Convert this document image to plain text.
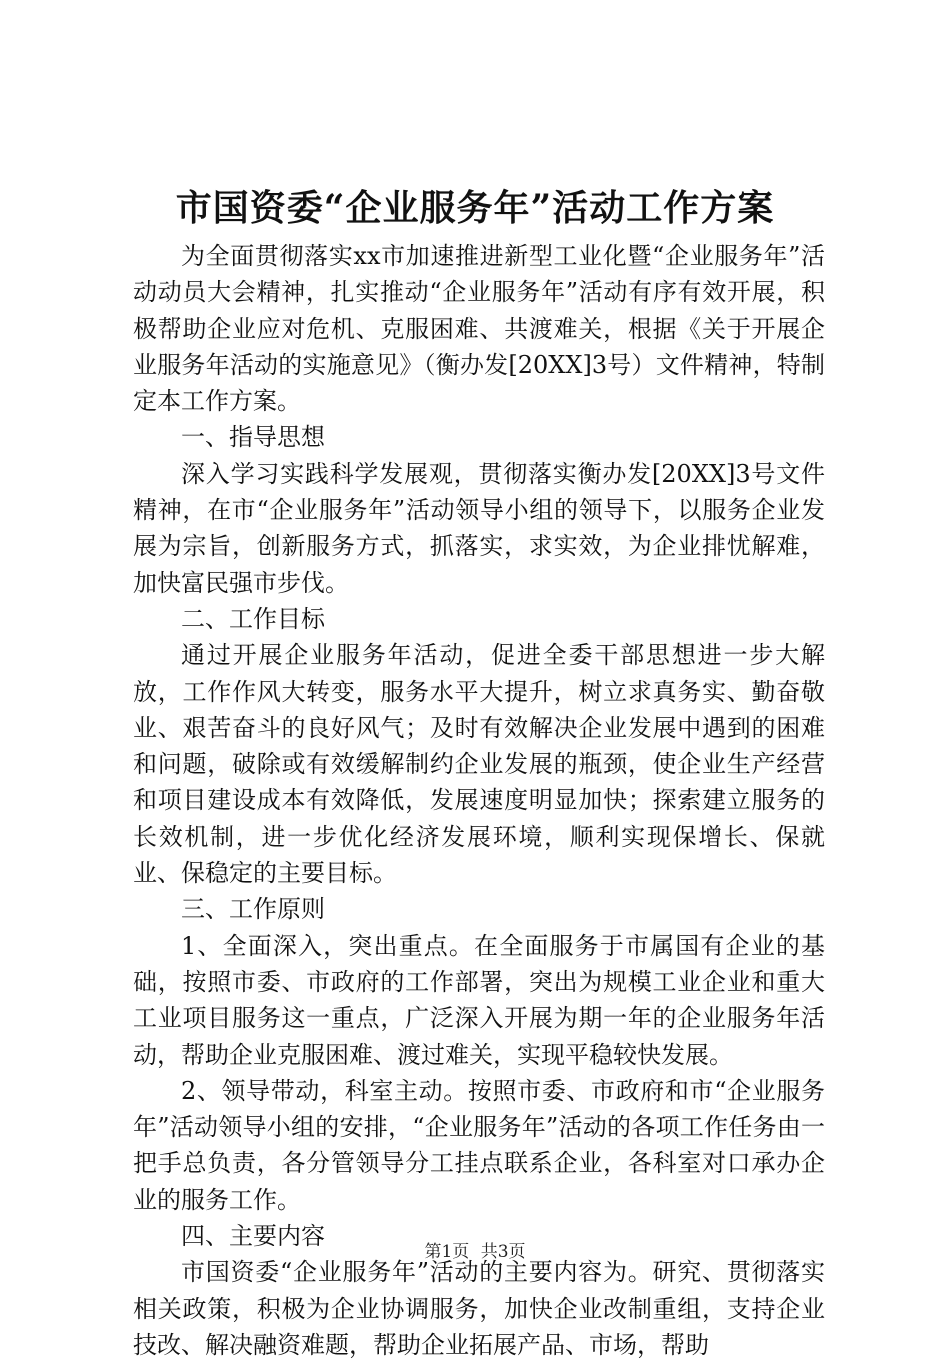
市国资委“企业服务年”活动工作方案

为全面贯彻落实xx市加速推进新型工业化暨“企业服务年”活动动员大会精神，扎实推动“企业服务年”活动有序有效开展，积极帮助企业应对危机、克服困难、共渡难关，根据《关于开展企业服务年活动的实施意见》（衡办发[20XX]3号）文件精神，特制定本工作方案。

一、指导思想

深入学习实践科学发展观，贯彻落实衡办发[20XX]3号文件精神，在市“企业服务年”活动领导小组的领导下，以服务企业发展为宗旨，创新服务方式，抓落实，求实效，为企业排忧解难，加快富民强市步伐。

二、工作目标

通过开展企业服务年活动，促进全委干部思想进一步大解放，工作作风大转变，服务水平大提升，树立求真务实、勤奋敬业、艰苦奋斗的良好风气；及时有效解决企业发展中遇到的困难和问题，破除或有效缓解制约企业发展的瓶颈，使企业生产经营和项目建设成本有效降低，发展速度明显加快；探索建立服务的长效机制，进一步优化经济发展环境，顺利实现保增长、保就业、保稳定的主要目标。

三、工作原则

1、全面深入，突出重点。在全面服务于市属国有企业的基础，按照市委、市政府的工作部署，突出为规模工业企业和重大工业项目服务这一重点，广泛深入开展为期一年的企业服务年活动，帮助企业克服困难、渡过难关，实现平稳较快发展。

2、领导带动，科室主动。按照市委、市政府和市“企业服务年”活动领导小组的安排，“企业服务年”活动的各项工作任务由一把手总负责，各分管领导分工挂点联系企业，各科室对口承办企业的服务工作。

四、主要内容

市国资委“企业服务年”活动的主要内容为。研究、贯彻落实相关政策，积极为企业协调服务，加快企业改制重组，支持企业技改、解决融资难题，帮助企业拓展产品、市场，帮助

第1页 共3页
